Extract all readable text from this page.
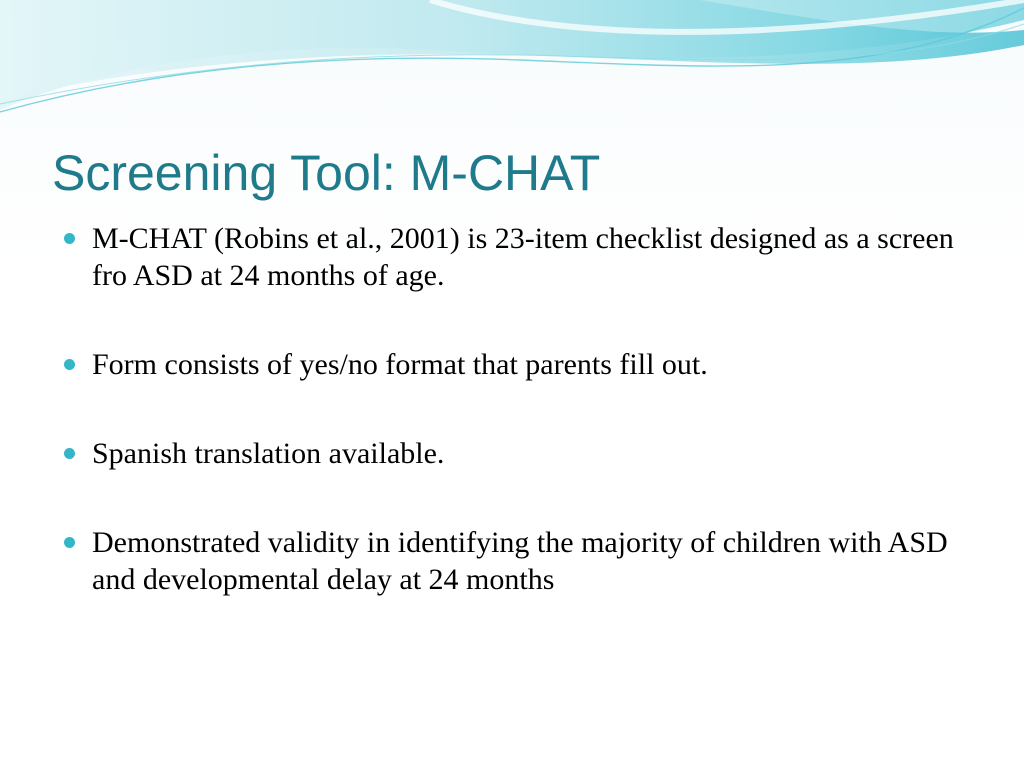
Screening Tool: M-CHAT
M-CHAT (Robins et al., 2001) is 23-item checklist designed as a screen fro ASD at 24 months of age.
Form consists of yes/no format that parents fill out.
Spanish translation available.
Demonstrated validity in identifying the majority of children with ASD and developmental delay at 24 months
